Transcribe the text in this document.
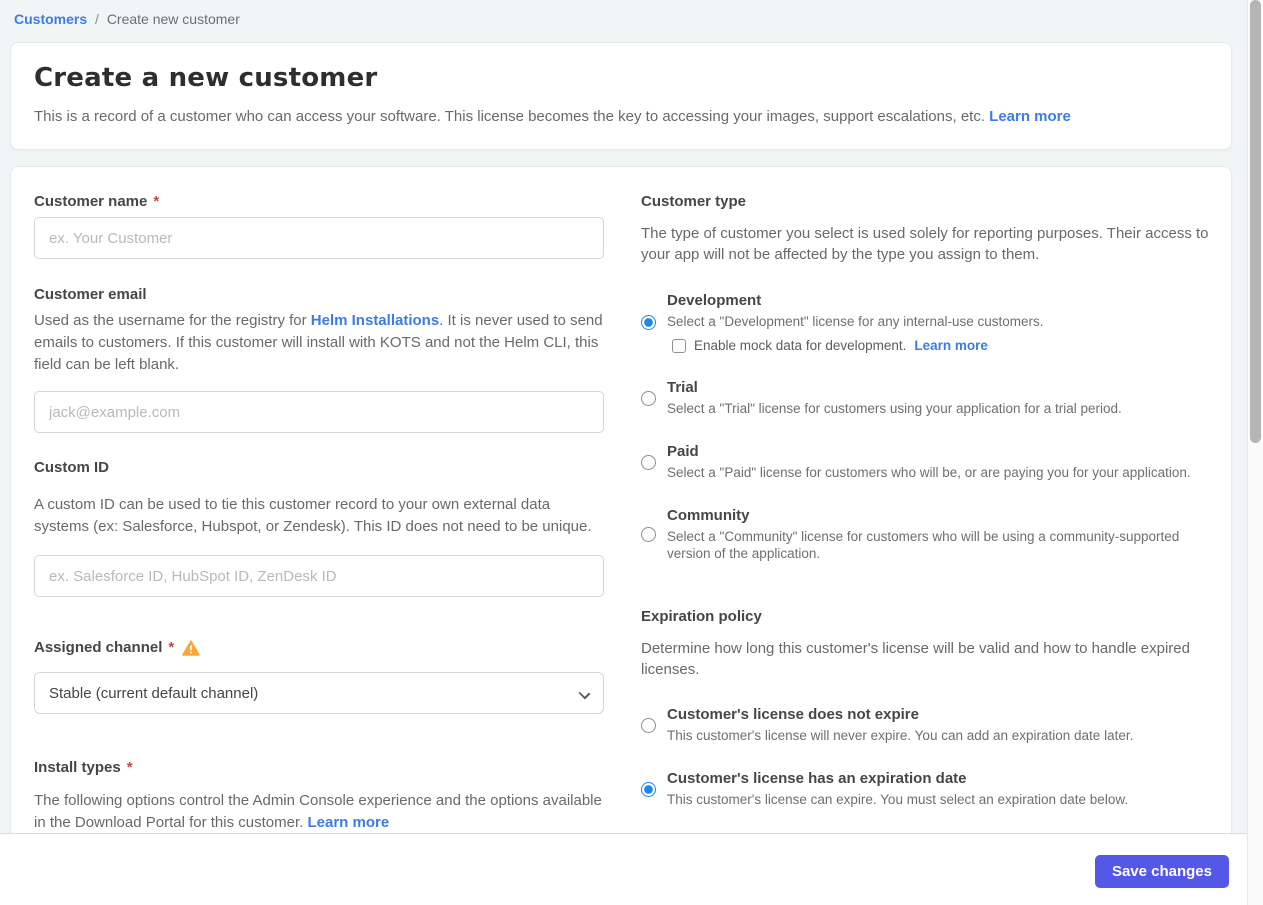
Customers / Create new customer
Create a new customer
This is a record of a customer who can access your software. This license becomes the key to accessing your images, support escalations, etc. Learn more
Customer name *
ex. Your Customer
Customer email
Used as the username for the registry for Helm Installations. It is never used to send emails to customers. If this customer will install with KOTS and not the Helm CLI, this field can be left blank.
jack@example.com
Custom ID
A custom ID can be used to tie this customer record to your own external data systems (ex: Salesforce, Hubspot, or Zendesk). This ID does not need to be unique.
ex. Salesforce ID, HubSpot ID, ZenDesk ID
Assigned channel *
Stable (current default channel)
Install types *
The following options control the Admin Console experience and the options available in the Download Portal for this customer. Learn more
Customer type
The type of customer you select is used solely for reporting purposes. Their access to your app will not be affected by the type you assign to them.
Development
Select a "Development" license for any internal-use customers.
Enable mock data for development. Learn more
Trial
Select a "Trial" license for customers using your application for a trial period.
Paid
Select a "Paid" license for customers who will be, or are paying you for your application.
Community
Select a "Community" license for customers who will be using a community-supported version of the application.
Expiration policy
Determine how long this customer's license will be valid and how to handle expired licenses.
Customer's license does not expire
This customer's license will never expire. You can add an expiration date later.
Customer's license has an expiration date
This customer's license can expire. You must select an expiration date below.
Save changes
